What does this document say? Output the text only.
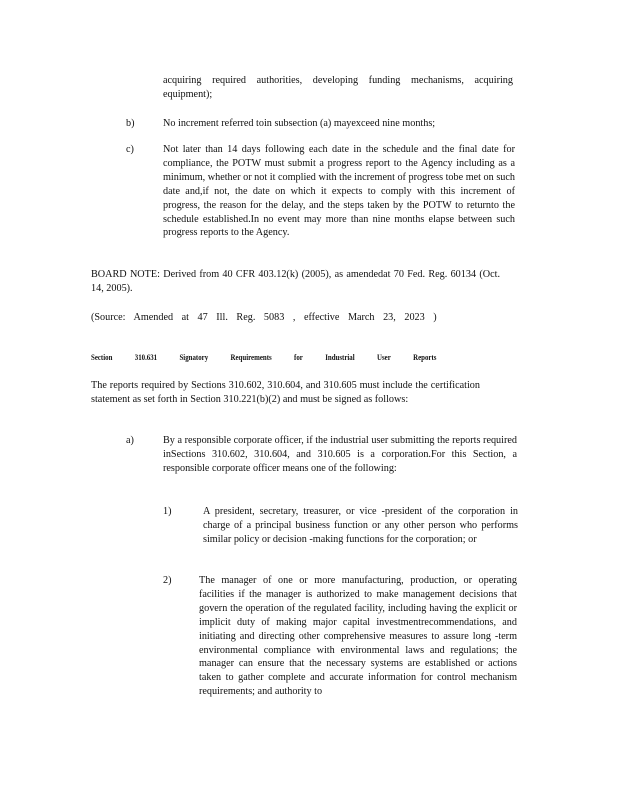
acquiring required authorities, developing funding mechanisms, acquiring equipment);
b)	No increment referred toin subsection (a) mayexceed nine months;
c)	Not later than 14 days following each date in the schedule and the final date for compliance, the POTW must submit a progress report to the Agency including as a minimum, whether or not it complied with the increment of progress tobe met on such date and,if not, the date on which it expects to comply with this increment of progress, the reason for the delay, and the steps taken by the POTW to returnto the schedule established.In no event may more than nine months elapse between such progress reports to the Agency.
BOARD NOTE: Derived from 40 CFR 403.12(k) (2005), as amendedat 70 Fed. Reg. 60134 (Oct. 14, 2005).
(Source: Amended at 47 Ill. Reg. 5083 , effective March 23, 2023 )
Section	310.631	Signatory	Requirements	for	Industrial	User	Reports
The reports required by Sections 310.602, 310.604, and 310.605 must include the certification statement as set forth in Section 310.221(b)(2) and must be signed as follows:
a)	By a responsible corporate officer, if the industrial user submitting the reports required inSections 310.602, 310.604, and 310.605 is a corporation.For this Section, a responsible corporate officer means one of the following:
1)	A president, secretary, treasurer, or vice -president of the corporation in charge of a principal business function or any other person who performs similar policy or decision -making functions for the corporation; or
2)	The manager of one or more manufacturing, production, or operating facilities if the manager is authorized to make management decisions that govern the operation of the regulated facility, including having the explicit or implicit duty of making major capital investmentrecommendations, and initiating and directing other comprehensive measures to assure long -term environmental compliance with environmental laws and regulations; the manager can ensure that the necessary systems are established or actions taken to gather complete and accurate information for control mechanism requirements; and authority to
